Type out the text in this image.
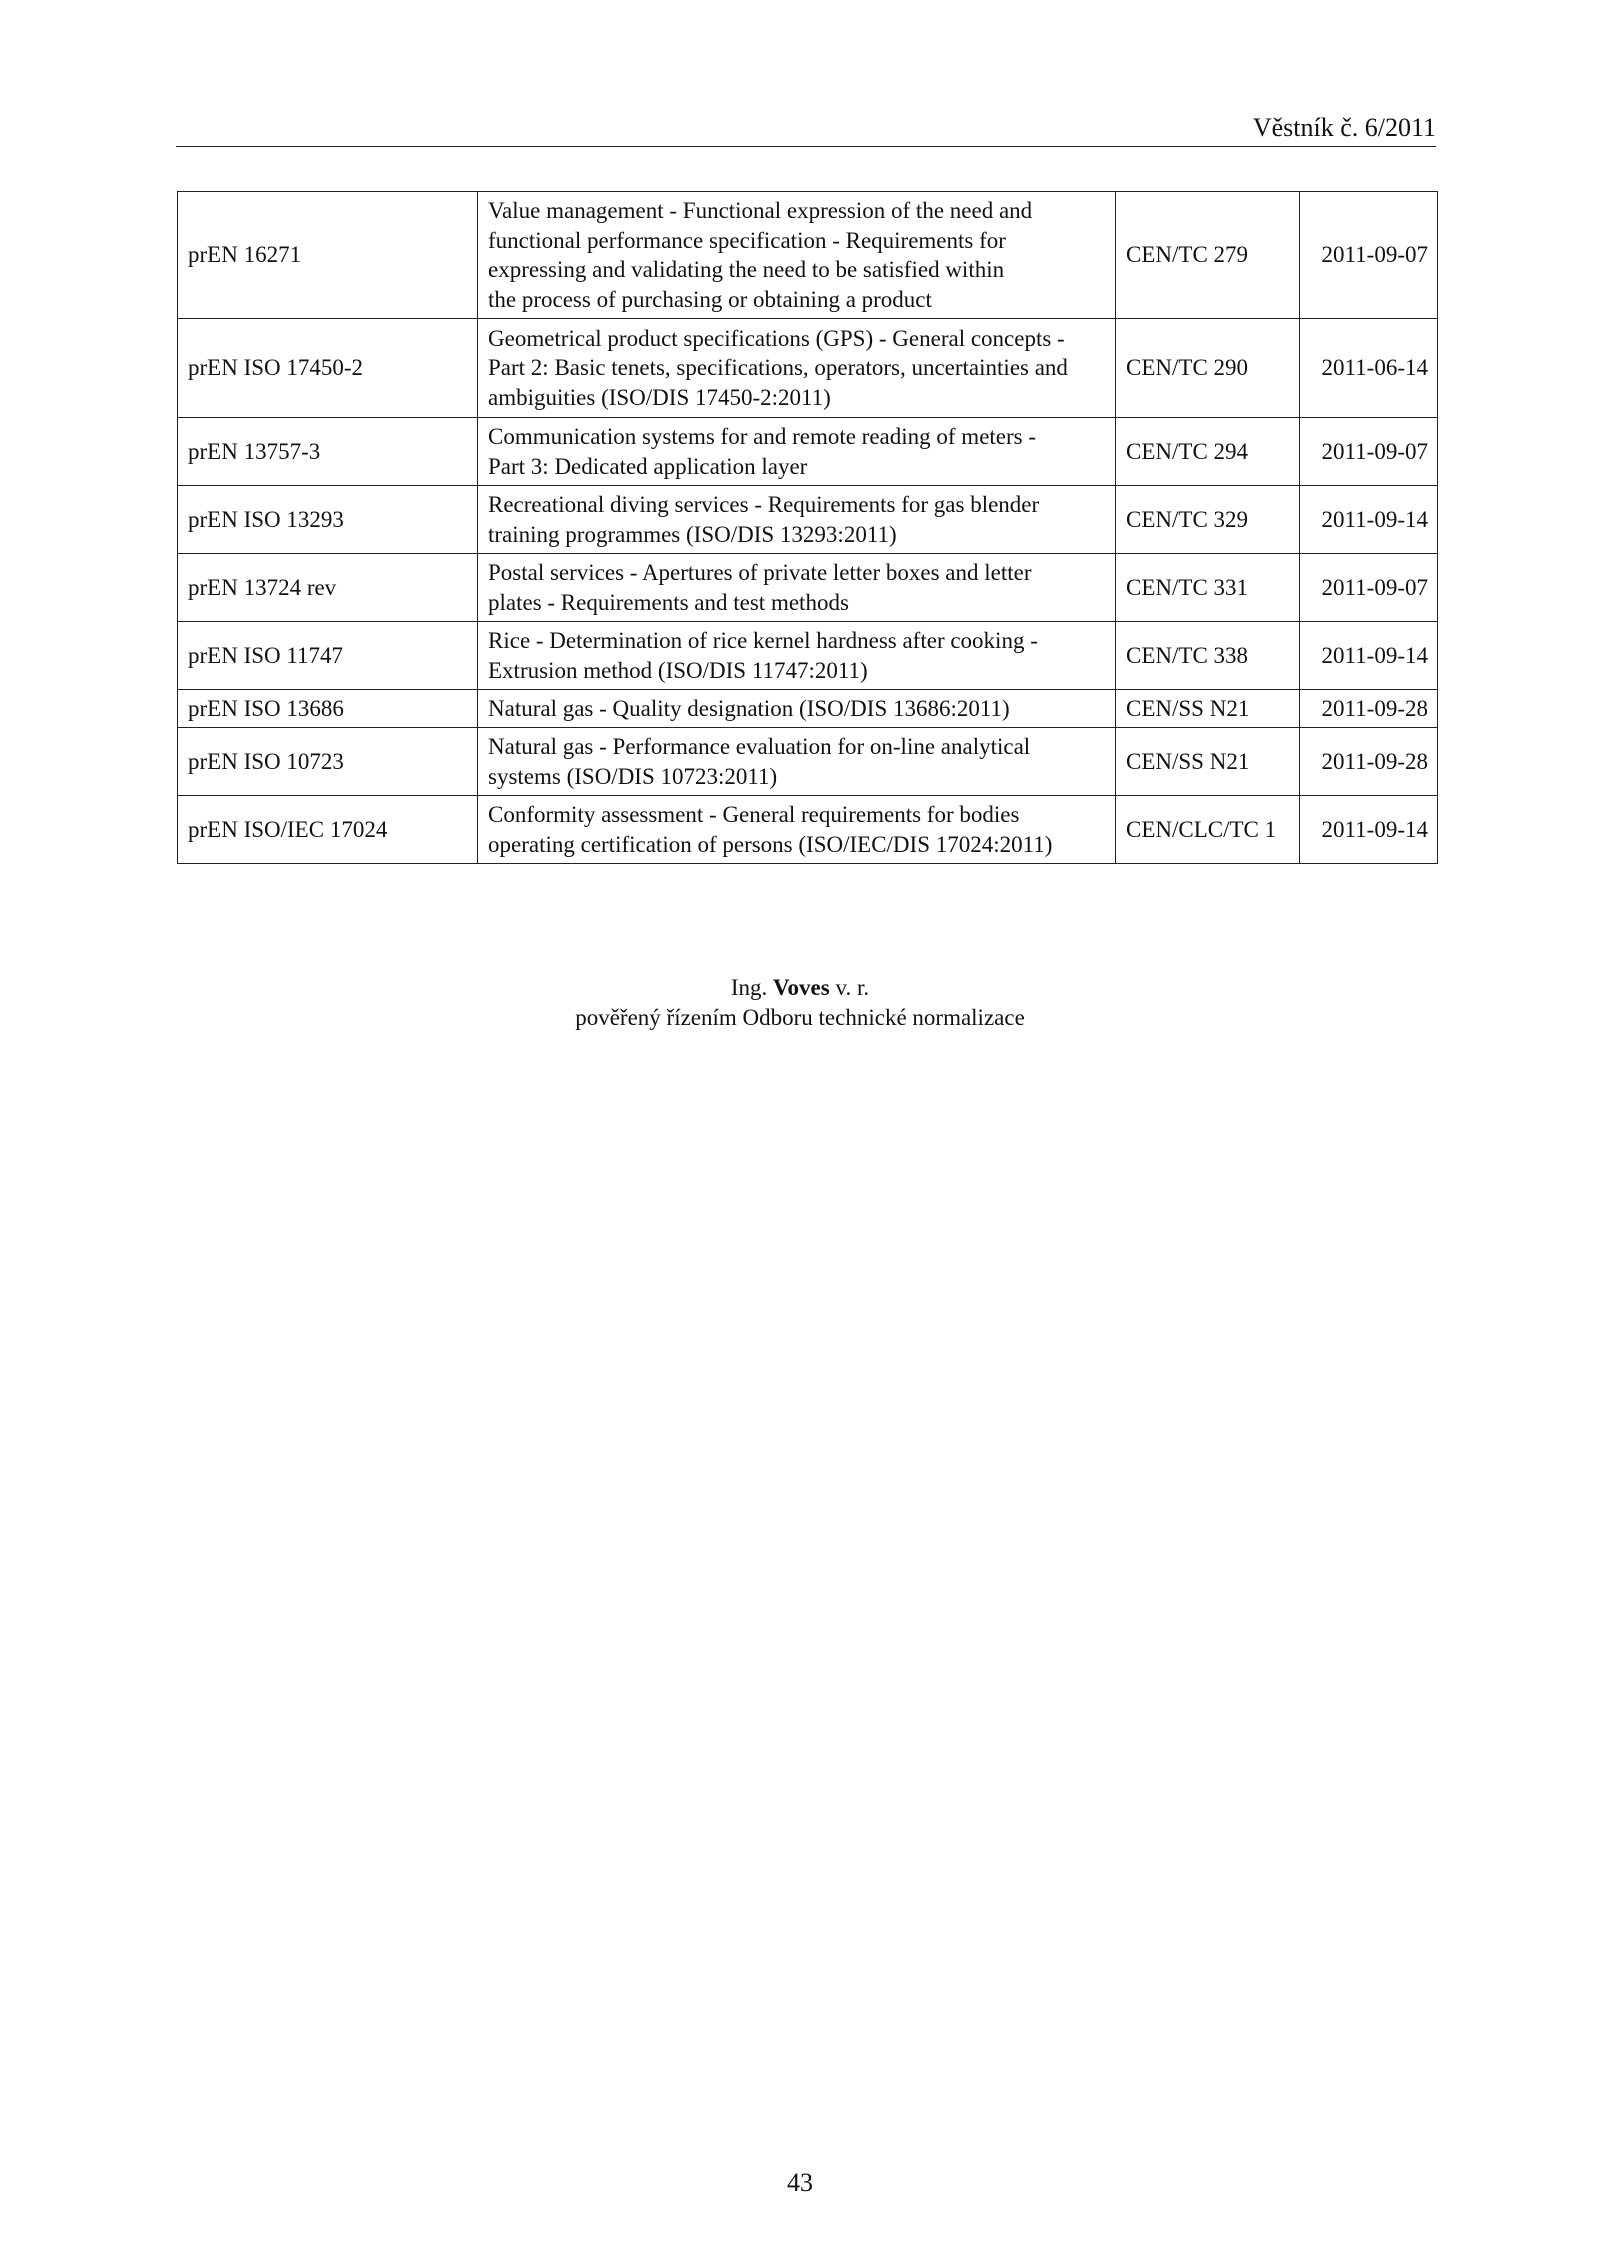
Věstník č. 6/2011
prEN 16271	Value management - Functional expression of the need and
functional performance specification - Requirements for
expressing and validating the need to be satisfied within
the process of purchasing or obtaining a product	CEN/TC 279	2011-09-07
prEN ISO 17450-2	Geometrical product specifications (GPS) - General concepts -
Part 2: Basic tenets, specifications, operators, uncertainties and
ambiguities (ISO/DIS 17450-2:2011)	CEN/TC 290	2011-06-14
prEN 13757-3	Communication systems for and remote reading of meters -
Part 3: Dedicated application layer	CEN/TC 294	2011-09-07
prEN ISO 13293	Recreational diving services - Requirements for gas blender
training programmes (ISO/DIS 13293:2011)	CEN/TC 329	2011-09-14
prEN 13724 rev	Postal services - Apertures of private letter boxes and letter
plates - Requirements and test methods	CEN/TC 331	2011-09-07
prEN ISO 11747	Rice - Determination of rice kernel hardness after cooking -
Extrusion method (ISO/DIS 11747:2011)	CEN/TC 338	2011-09-14
prEN ISO 13686	Natural gas - Quality designation (ISO/DIS 13686:2011)	CEN/SS N21	2011-09-28
prEN ISO 10723	Natural gas - Performance evaluation for on-line analytical
systems (ISO/DIS 10723:2011)	CEN/SS N21	2011-09-28
prEN ISO/IEC 17024	Conformity assessment - General requirements for bodies
operating certification of persons (ISO/IEC/DIS 17024:2011)	CEN/CLC/TC 1	2011-09-14
Ing. Voves v. r.
pověřený řízením Odboru technické normalizace
43
